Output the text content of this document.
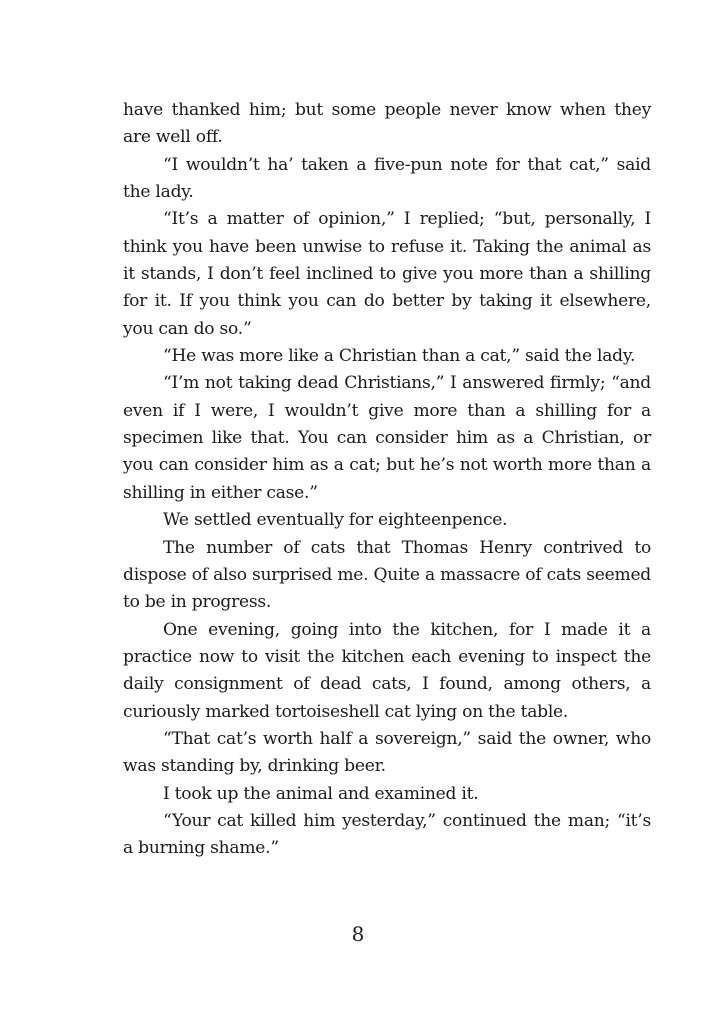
have thanked him; but some people never know when they are well off.

“I wouldn’t ha’ taken a five-pun note for that cat,” said the lady.

“It’s a matter of opinion,” I replied; “but, personally, I think you have been unwise to refuse it. Taking the animal as it stands, I don’t feel inclined to give you more than a shilling for it. If you think you can do better by taking it elsewhere, you can do so.”

“He was more like a Christian than a cat,” said the lady.

“I’m not taking dead Christians,” I answered firmly; “and even if I were, I wouldn’t give more than a shilling for a specimen like that. You can consider him as a Christian, or you can consider him as a cat; but he’s not worth more than a shilling in either case.”

We settled eventually for eighteenpence.

The number of cats that Thomas Henry contrived to dispose of also surprised me. Quite a massacre of cats seemed to be in progress.

One evening, going into the kitchen, for I made it a practice now to visit the kitchen each evening to inspect the daily consignment of dead cats, I found, among others, a curiously marked tortoiseshell cat lying on the table.

“That cat’s worth half a sovereign,” said the owner, who was standing by, drinking beer.

I took up the animal and examined it.

“Your cat killed him yesterday,” continued the man; “it’s a burning shame.”

8
